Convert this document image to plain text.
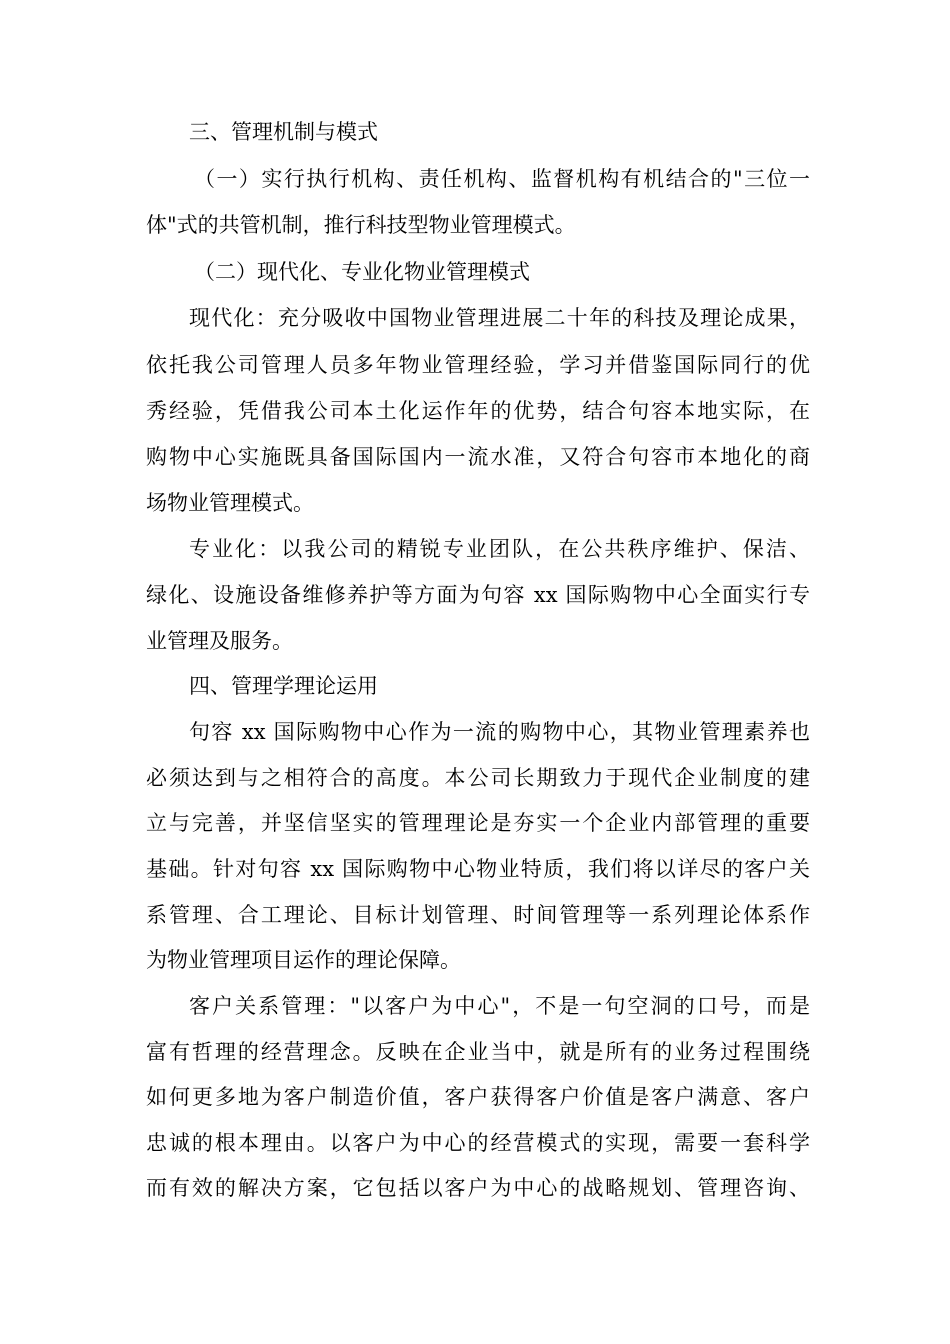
三、管理机制与模式

（一）实行执行机构、责任机构、监督机构有机结合的"三位一

体"式的共管机制，推行科技型物业管理模式。

（二）现代化、专业化物业管理模式

现代化：充分吸收中国物业管理进展二十年的科技及理论成果，

依托我公司管理人员多年物业管理经验，学习并借鉴国际同行的优

秀经验，凭借我公司本土化运作年的优势，结合句容本地实际，在

购物中心实施既具备国际国内一流水准，又符合句容市本地化的商

场物业管理模式。

专业化：以我公司的精锐专业团队，在公共秩序维护、保洁、

绿化、设施设备维修养护等方面为句容 xx 国际购物中心全面实行专

业管理及服务。

四、管理学理论运用

句容 xx 国际购物中心作为一流的购物中心，其物业管理素养也

必须达到与之相符合的高度。本公司长期致力于现代企业制度的建

立与完善，并坚信坚实的管理理论是夯实一个企业内部管理的重要

基础。针对句容 xx 国际购物中心物业特质，我们将以详尽的客户关

系管理、合工理论、目标计划管理、时间管理等一系列理论体系作

为物业管理项目运作的理论保障。

客户关系管理："以客户为中心"，不是一句空洞的口号，而是

富有哲理的经营理念。反映在企业当中，就是所有的业务过程围绕

如何更多地为客户制造价值，客户获得客户价值是客户满意、客户

忠诚的根本理由。以客户为中心的经营模式的实现，需要一套科学

而有效的解决方案，它包括以客户为中心的战略规划、管理咨询、
